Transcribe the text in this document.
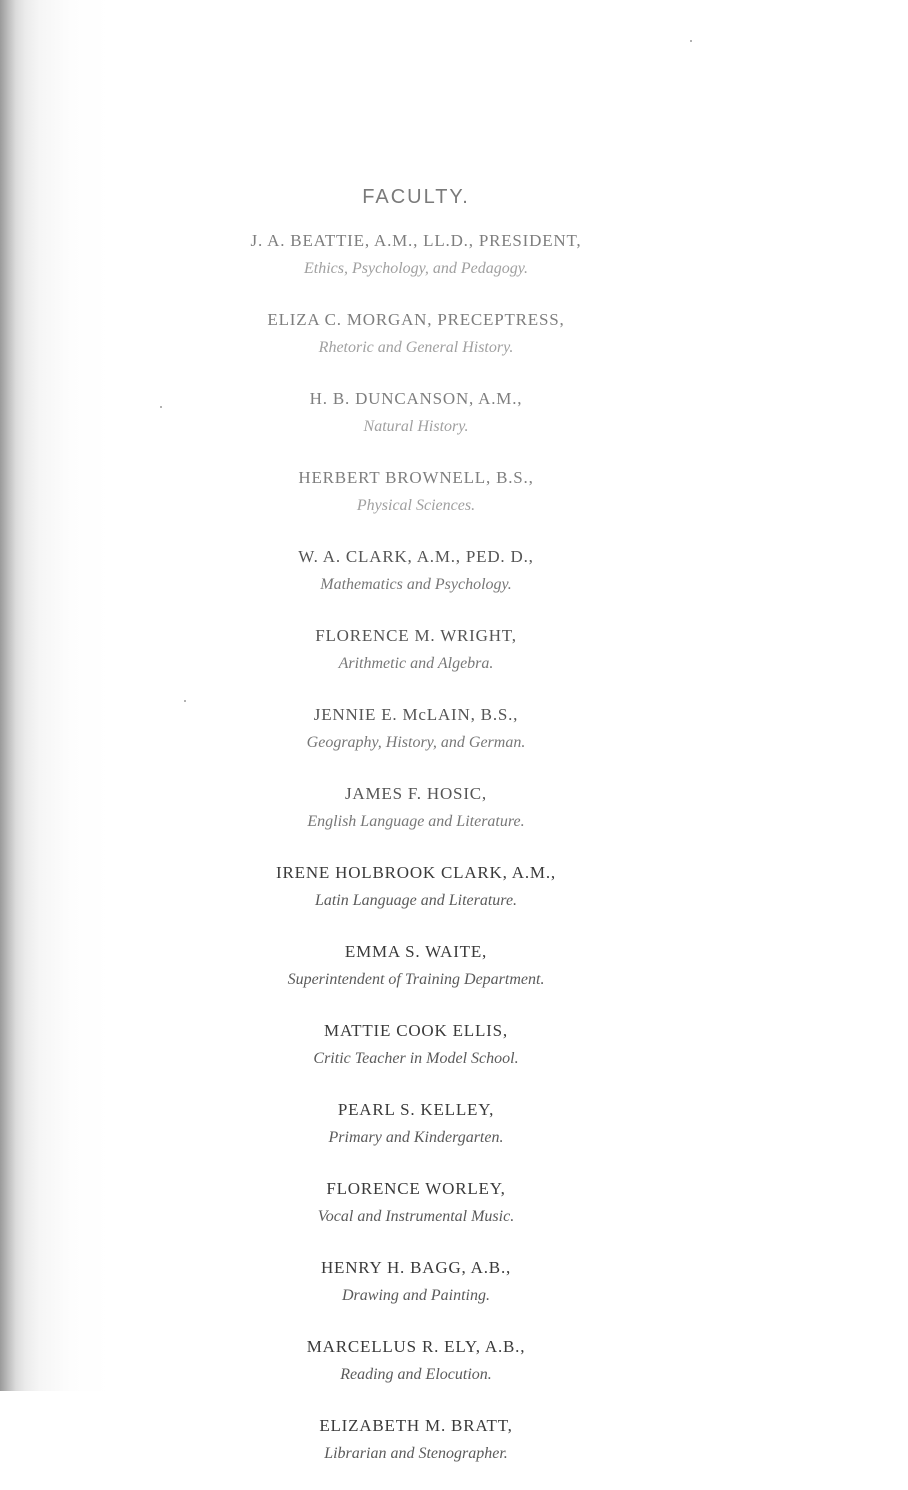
FACULTY.
J. A. BEATTIE, A.M., LL.D., PRESIDENT,
Ethics, Psychology, and Pedagogy.
ELIZA C. MORGAN, PRECEPTRESS,
Rhetoric and General History.
H. B. DUNCANSON, A.M.,
Natural History.
HERBERT BROWNELL, B.S.,
Physical Sciences.
W. A. CLARK, A.M., PED. D.,
Mathematics and Psychology.
FLORENCE M. WRIGHT,
Arithmetic and Algebra.
JENNIE E. McLAIN, B.S.,
Geography, History, and German.
JAMES F. HOSIC,
English Language and Literature.
IRENE HOLBROOK CLARK, A.M.,
Latin Language and Literature.
EMMA S. WAITE,
Superintendent of Training Department.
MATTIE COOK ELLIS,
Critic Teacher in Model School.
PEARL S. KELLEY,
Primary and Kindergarten.
FLORENCE WORLEY,
Vocal and Instrumental Music.
HENRY H. BAGG, A.B.,
Drawing and Painting.
MARCELLUS R. ELY, A.B.,
Reading and Elocution.
ELIZABETH M. BRATT,
Librarian and Stenographer.
